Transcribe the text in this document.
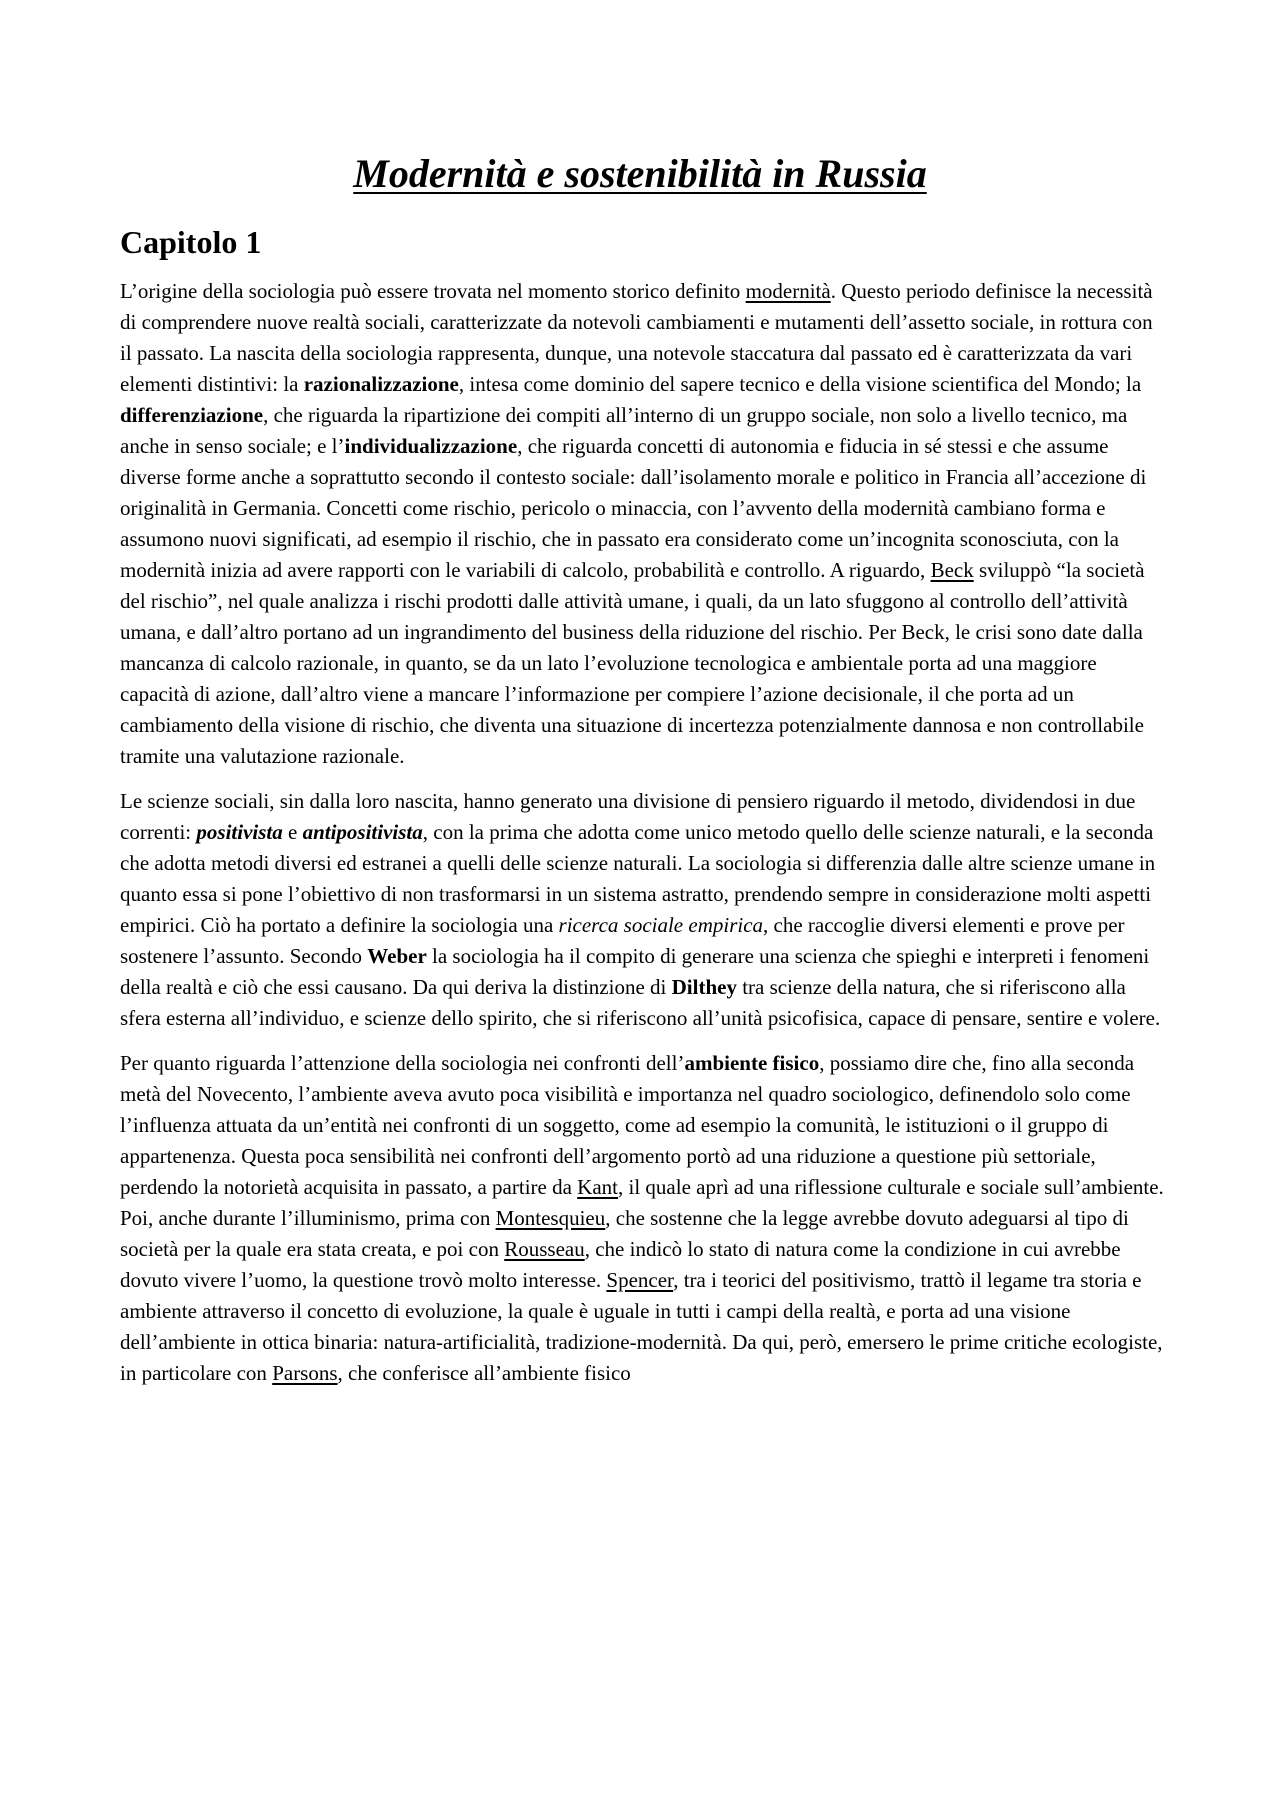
Modernità e sostenibilità in Russia
Capitolo 1

L’origine della sociologia può essere trovata nel momento storico definito modernità. Questo periodo definisce la necessità di comprendere nuove realtà sociali, caratterizzate da notevoli cambiamenti e mutamenti dell’assetto sociale, in rottura con il passato. La nascita della sociologia rappresenta, dunque, una notevole staccatura dal passato ed è caratterizzata da vari elementi distintivi: la razionalizzazione, intesa come dominio del sapere tecnico e della visione scientifica del Mondo; la differenziazione, che riguarda la ripartizione dei compiti all’interno di un gruppo sociale, non solo a livello tecnico, ma anche in senso sociale; e l’individualizzazione, che riguarda concetti di autonomia e fiducia in sé stessi e che assume diverse forme anche a soprattutto secondo il contesto sociale: dall’isolamento morale e politico in Francia all’accezione di originalità in Germania. Concetti come rischio, pericolo o minaccia, con l’avvento della modernità cambiano forma e assumono nuovi significati, ad esempio il rischio, che in passato era considerato come un’incognita sconosciuta, con la modernità inizia ad avere rapporti con le variabili di calcolo, probabilità e controllo. A riguardo, Beck sviluppò “la società del rischio”, nel quale analizza i rischi prodotti dalle attività umane, i quali, da un lato sfuggono al controllo dell’attività umana, e dall’altro portano ad un ingrandimento del business della riduzione del rischio. Per Beck, le crisi sono date dalla mancanza di calcolo razionale, in quanto, se da un lato l’evoluzione tecnologica e ambientale porta ad una maggiore capacità di azione, dall’altro viene a mancare l’informazione per compiere l’azione decisionale, il che porta ad un cambiamento della visione di rischio, che diventa una situazione di incertezza potenzialmente dannosa e non controllabile tramite una valutazione razionale.

Le scienze sociali, sin dalla loro nascita, hanno generato una divisione di pensiero riguardo il metodo, dividendosi in due correnti: positivista e antipositivista, con la prima che adotta come unico metodo quello delle scienze naturali, e la seconda che adotta metodi diversi ed estranei a quelli delle scienze naturali. La sociologia si differenzia dalle altre scienze umane in quanto essa si pone l’obiettivo di non trasformarsi in un sistema astratto, prendendo sempre in considerazione molti aspetti empirici. Ciò ha portato a definire la sociologia una ricerca sociale empirica, che raccoglie diversi elementi e prove per sostenere l’assunto. Secondo Weber la sociologia ha il compito di generare una scienza che spieghi e interpreti i fenomeni della realtà e ciò che essi causano. Da qui deriva la distinzione di Dilthey tra scienze della natura, che si riferiscono alla sfera esterna all’individuo, e scienze dello spirito, che si riferiscono all’unità psicofisica, capace di pensare, sentire e volere.

Per quanto riguarda l’attenzione della sociologia nei confronti dell’ambiente fisico, possiamo dire che, fino alla seconda metà del Novecento, l’ambiente aveva avuto poca visibilità e importanza nel quadro sociologico, definendolo solo come l’influenza attuata da un’entità nei confronti di un soggetto, come ad esempio la comunità, le istituzioni o il gruppo di appartenenza. Questa poca sensibilità nei confronti dell’argomento portò ad una riduzione a questione più settoriale, perdendo la notorietà acquisita in passato, a partire da Kant, il quale aprì ad una riflessione culturale e sociale sull’ambiente. Poi, anche durante l’illuminismo, prima con Montesquieu, che sostenne che la legge avrebbe dovuto adeguarsi al tipo di società per la quale era stata creata, e poi con Rousseau, che indicò lo stato di natura come la condizione in cui avrebbe dovuto vivere l’uomo, la questione trovò molto interesse. Spencer, tra i teorici del positivismo, trattò il legame tra storia e ambiente attraverso il concetto di evoluzione, la quale è uguale in tutti i campi della realtà, e porta ad una visione dell’ambiente in ottica binaria: natura-artificialità, tradizione-modernità. Da qui, però, emersero le prime critiche ecologiste, in particolare con Parsons, che conferisce all’ambiente fisico
